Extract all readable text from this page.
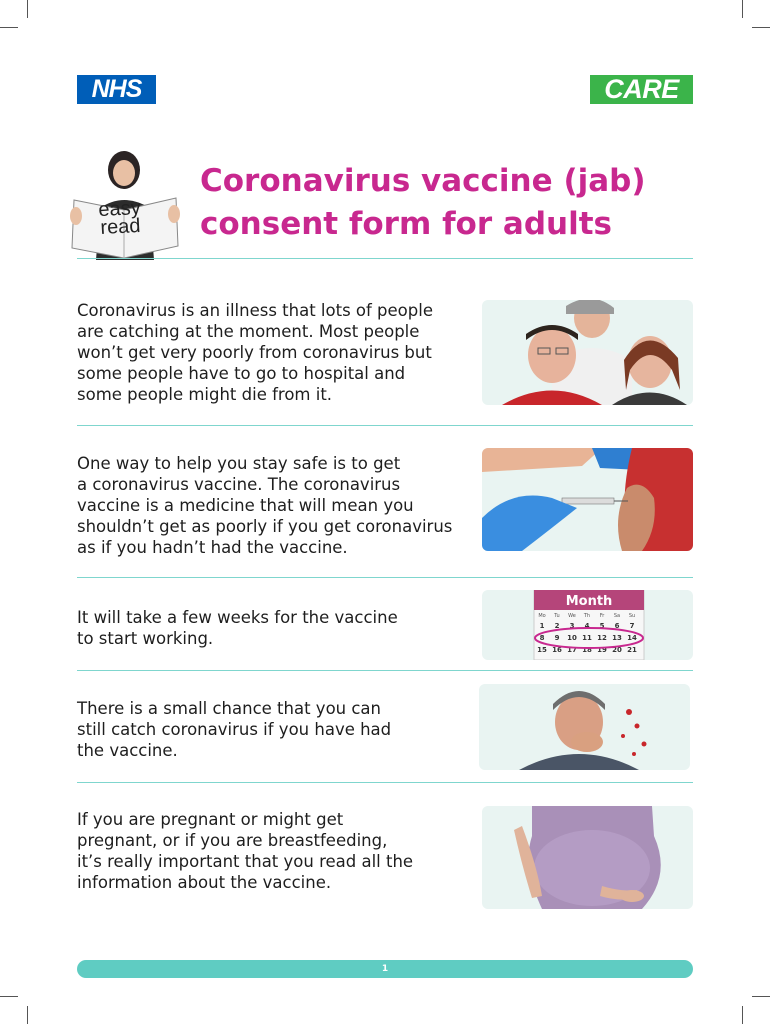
NHS	CARE
easy read
Coronavirus vaccine (jab)
consent form for adults

Coronavirus is an illness that lots of people
are catching at the moment. Most people
won’t get very poorly from coronavirus but
some people have to go to hospital and
some people might die from it.

One way to help you stay safe is to get
a coronavirus vaccine. The coronavirus
vaccine is a medicine that will mean you
shouldn’t get as poorly if you get coronavirus
as if you hadn’t had the vaccine.

It will take a few weeks for the vaccine
to start working.

Month
Mo Tu We Th Fr Sa Su
1 2 3 4 5 6 7
8 9 10 11 12 13 14
15 16 17 18 19 20 21

There is a small chance that you can
still catch coronavirus if you have had
the vaccine.

If you are pregnant or might get
pregnant, or if you are breastfeeding,
it’s really important that you read all the
information about the vaccine.

1
